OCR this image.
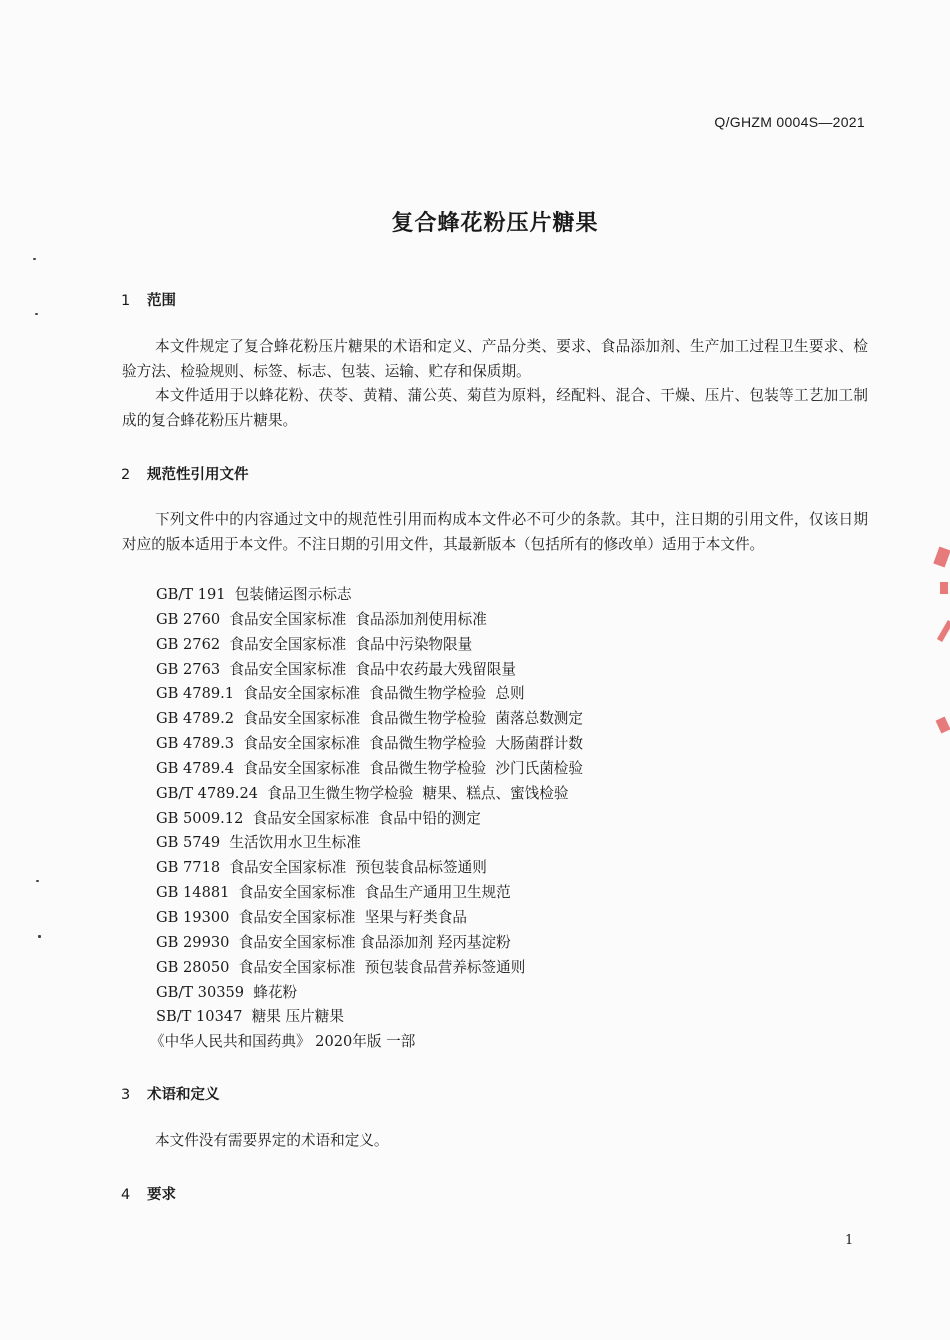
Q/GHZM 0004S—2021
复合蜂花粉压片糖果
1 范围
本文件规定了复合蜂花粉压片糖果的术语和定义、产品分类、要求、食品添加剂、生产加工过程卫生要求、检验方法、检验规则、标签、标志、包装、运输、贮存和保质期。
本文件适用于以蜂花粉、茯苓、黄精、蒲公英、菊苣为原料，经配料、混合、干燥、压片、包装等工艺加工制成的复合蜂花粉压片糖果。
2 规范性引用文件
下列文件中的内容通过文中的规范性引用而构成本文件必不可少的条款。其中，注日期的引用文件，仅该日期对应的版本适用于本文件。不注日期的引用文件，其最新版本（包括所有的修改单）适用于本文件。
GB/T 191  包装储运图示标志
GB 2760  食品安全国家标准  食品添加剂使用标准
GB 2762  食品安全国家标准  食品中污染物限量
GB 2763  食品安全国家标准  食品中农药最大残留限量
GB 4789.1  食品安全国家标准  食品微生物学检验  总则
GB 4789.2  食品安全国家标准  食品微生物学检验  菌落总数测定
GB 4789.3  食品安全国家标准  食品微生物学检验  大肠菌群计数
GB 4789.4  食品安全国家标准  食品微生物学检验  沙门氏菌检验
GB/T 4789.24  食品卫生微生物学检验  糖果、糕点、蜜饯检验
GB 5009.12  食品安全国家标准  食品中铅的测定
GB 5749  生活饮用水卫生标准
GB 7718  食品安全国家标准  预包装食品标签通则
GB 14881  食品安全国家标准  食品生产通用卫生规范
GB 19300  食品安全国家标准  坚果与籽类食品
GB 29930  食品安全国家标准 食品添加剂 羟丙基淀粉
GB 28050  食品安全国家标准  预包装食品营养标签通则
GB/T 30359  蜂花粉
SB/T 10347  糖果 压片糖果
《中华人民共和国药典》 2020年版 一部
3 术语和定义
本文件没有需要界定的术语和定义。
4 要求
1
